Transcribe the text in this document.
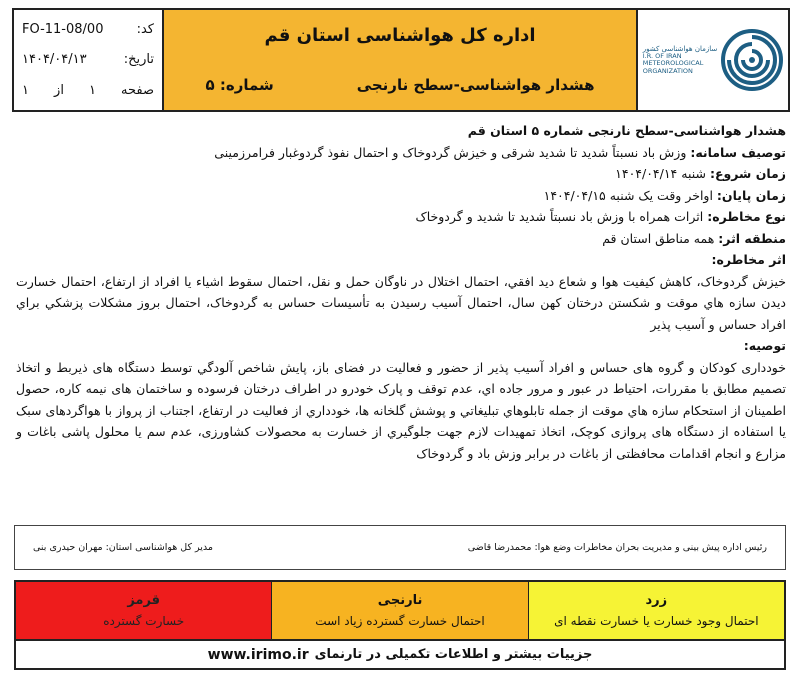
سازمان هواشناسی کشور
I.R. OF IRAN
METEOROLOGICAL
ORGANIZATION
اداره کل هواشناسی استان قم
هشدار هواشناسی-سطح نارنجی
شماره: ۵
کد:
FO-11-08/00
تاریخ:
۱۴۰۴/۰۴/۱۳
صفحه
۱
از
۱
هشدار هواشناسی-سطح نارنجی شماره ۵ استان قم
توصیف سامانه: وزش باد نسبتاً شدید تا شدید شرقی و خیزش گردوخاک و احتمال نفوذ گردوغبار فرامرزمینی
زمان شروع: شنبه ۱۴۰۴/۰۴/۱۴
زمان پایان: اواخر وقت یک شنبه ۱۴۰۴/۰۴/۱۵
نوع مخاطره: اثرات همراه با وزش باد نسبتاً شدید تا شدید و گردوخاک
منطقه اثر: همه مناطق استان قم
اثر مخاطره:
خیزش گردوخاک، کاهش کیفیت هوا و شعاع دید افقي، احتمال اختلال در ناوگان حمل و نقل، احتمال سقوط اشياء يا افراد از ارتفاع، احتمال خسارت ديدن سازه هاي موقت و شکستن درختان کهن سال، احتمال آسيب رسيدن به تأسيسات حساس به گردوخاک، احتمال بروز مشکلات پزشکي براي افراد حساس و آسيب پذير
توصیه:
خودداری کودکان و گروه های حساس و افراد آسيب پذير از حضور و فعاليت در فضای باز، پايش شاخص آلودگي توسط دستگاه های ذيربط و اتخاذ تصميم مطابق با مقررات، احتياط در عبور و مرور جاده اي، عدم توقف و پارک خودرو در اطراف درختان فرسوده و ساختمان های نيمه کاره، حصول اطمينان از استحکام سازه هاي موقت از جمله تابلوهاي تبليغاتي و پوشش گلخانه ها، خودداري از فعاليت در ارتفاع، اجتناب از پرواز با هواگردهای سبک یا استفاده از دستگاه های پروازی کوچک، اتخاذ تمهيدات لازم جهت جلوگيري از خسارت به محصولات کشاورزی، عدم سم يا محلول پاشی باغات و مزارع و انجام اقدامات محافظتی از باغات در برابر وزش باد و گردوخاک
رئیس اداره پیش بینی و مدیریت بحران مخاطرات وضع هوا: محمدرضا قاضی
مدیر کل هواشناسی استان: مهران حیدری بنی
زرد
احتمال وجود خسارت یا خسارت نقطه ای
نارنجی
احتمال خسارت گسترده زیاد است
قرمز
خسارت گسترده
جزییات بیشتر و اطلاعات تکمیلی در تارنمای
www.irimo.ir
